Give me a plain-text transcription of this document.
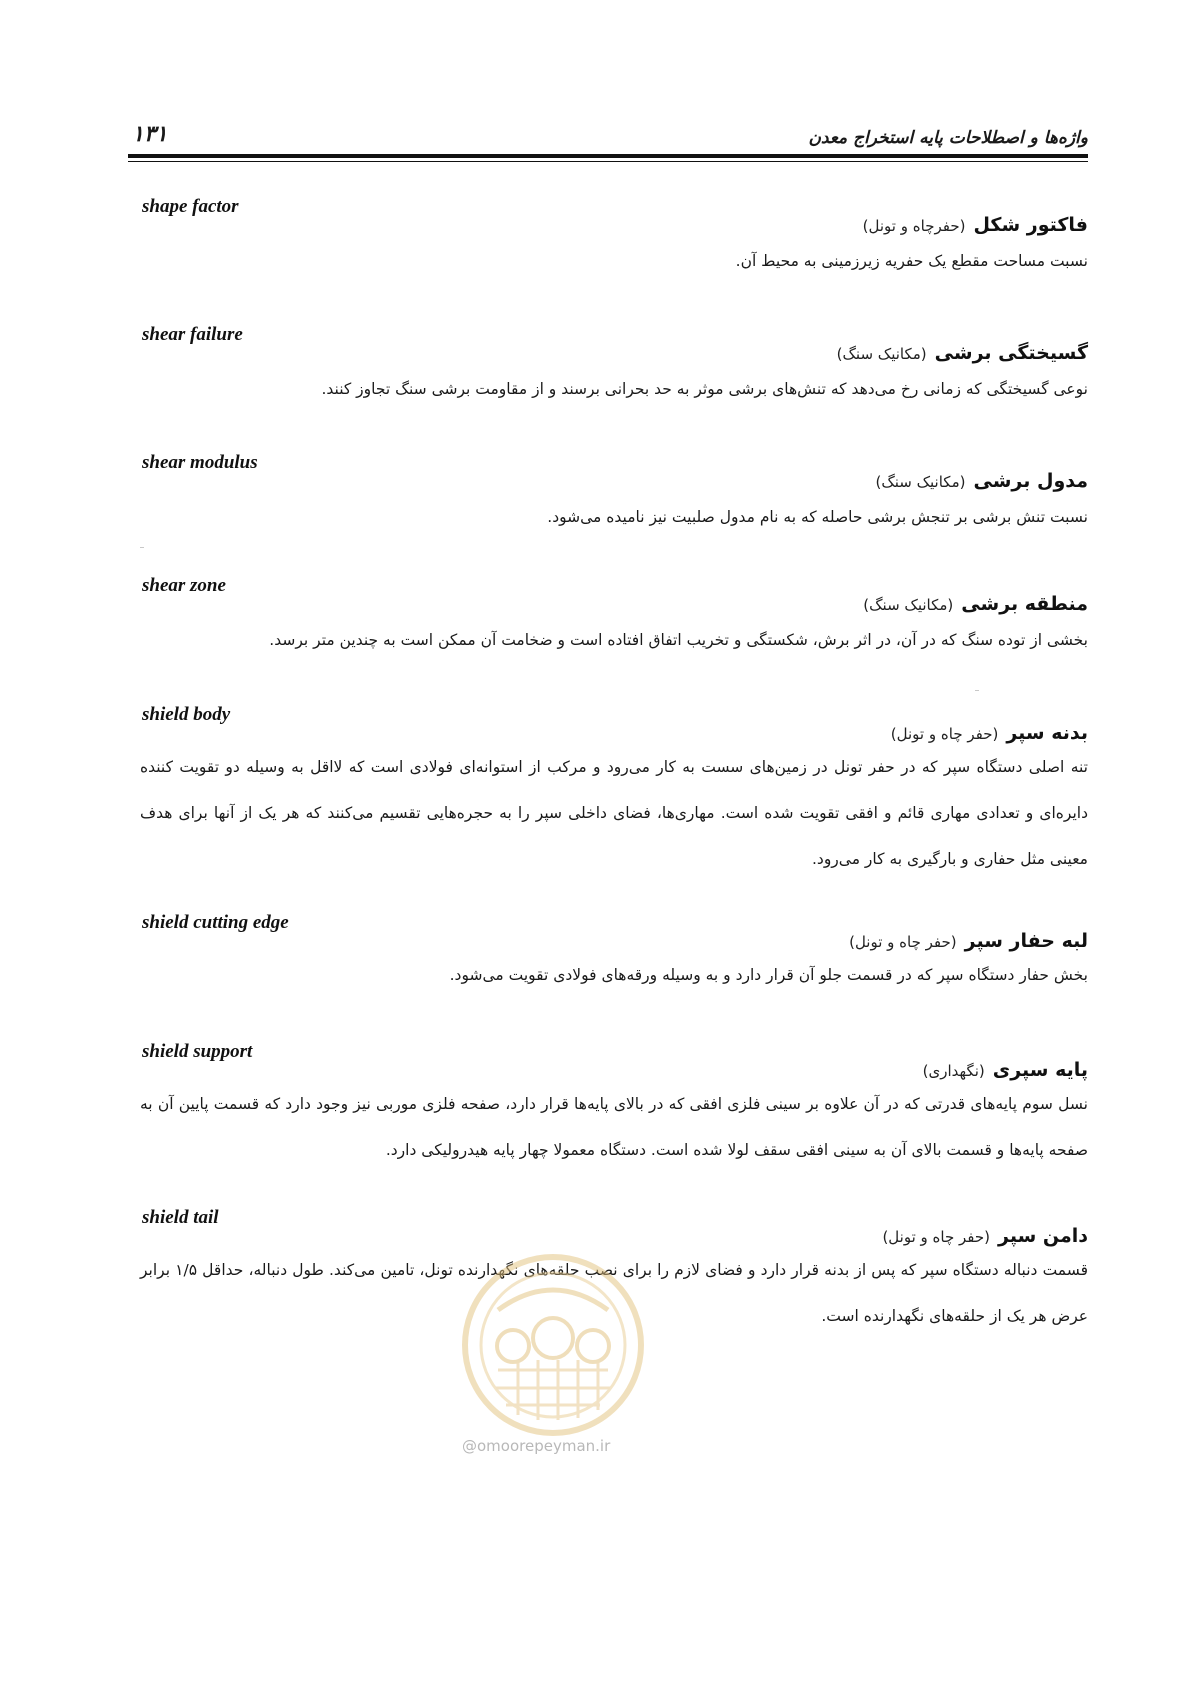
۱۳۱	واژه‌ها و اصطلاحات پایه استخراج معدن
shape factor
فاکتور شکل (حفرچاه و تونل)
نسبت مساحت مقطع یک حفریه زیرزمینی به محیط آن.
shear failure
گسیختگی برشی (مکانیک سنگ)
نوعی گسیختگی که زمانی رخ می‌دهد که تنش‌های برشی موثر به حد بحرانی برسند و از مقاومت برشی سنگ تجاوز کنند.
shear modulus
مدول برشی (مکانیک سنگ)
نسبت تنش برشی بر تنجش برشی حاصله که به نام مدول صلبیت نیز نامیده می‌شود.
shear zone
منطقه برشی (مکانیک سنگ)
بخشی از توده سنگ که در آن، در اثر برش، شکستگی و تخریب اتفاق افتاده است و ضخامت آن ممکن است به چندین متر برسد.
shield body
بدنه سپر (حفر چاه و تونل)
تنه اصلی دستگاه سپر که در حفر تونل در زمین‌های سست به کار می‌رود و مرکب از استوانه‌ای فولادی است که لااقل به وسیله دو تقویت کننده دایره‌ای و تعدادی مهاری قائم و افقی تقویت شده است. مهاری‌ها، فضای داخلی سپر را به حجره‌هایی تقسیم می‌کنند که هر یک از آنها برای هدف معینی مثل حفاری و بارگیری به کار می‌رود.
shield cutting edge
لبه حفار سپر (حفر چاه و تونل)
بخش حفار دستگاه سپر که در قسمت جلو آن قرار دارد و به وسیله ورقه‌های فولادی تقویت می‌شود.
shield support
پایه سپری (نگهداری)
نسل سوم پایه‌های قدرتی که در آن علاوه بر سینی فلزی افقی که در بالای پایه‌ها قرار دارد، صفحه فلزی موربی نیز وجود دارد که قسمت پایین آن به صفحه پایه‌ها و قسمت بالای آن به سینی افقی سقف لولا شده است. دستگاه معمولا چهار پایه هیدرولیکی دارد.
shield tail
دامن سپر (حفر چاه و تونل)
قسمت دنباله دستگاه سپر که پس از بدنه قرار دارد و فضای لازم را برای نصب حلقه‌های نگهدارنده تونل، تامین می‌کند. طول دنباله، حداقل ۱/۵ برابر عرض هر یک از حلقه‌های نگهدارنده است.
@omoorepeyman.ir
